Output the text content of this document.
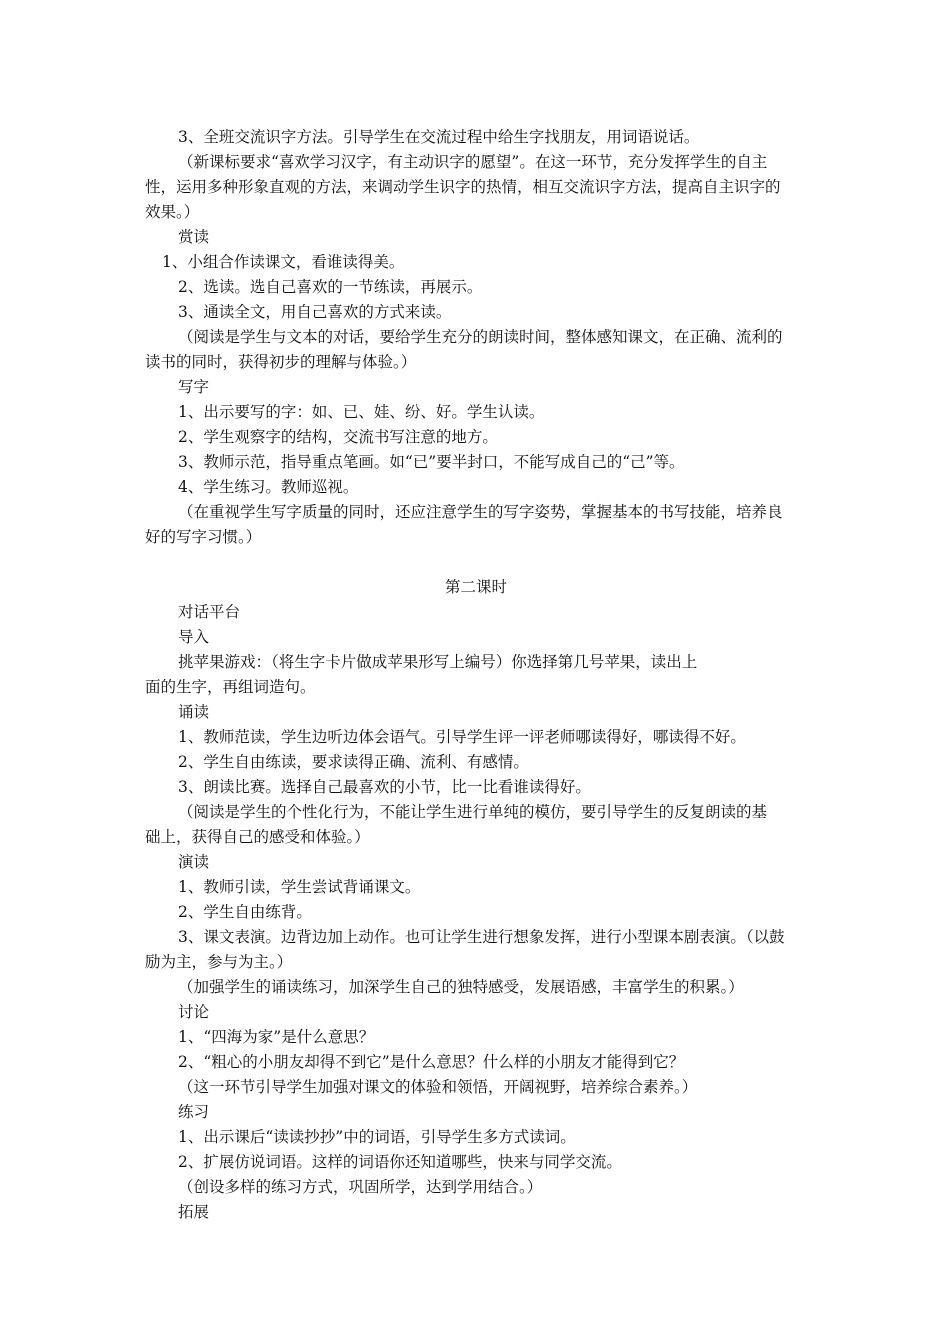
3、全班交流识字方法。引导学生在交流过程中给生字找朋友，用词语说话。
（新课标要求“喜欢学习汉字，有主动识字的愿望”。在这一环节，充分发挥学生的自主
性，运用多种形象直观的方法，来调动学生识字的热情，相互交流识字方法，提高自主识字的
效果。）
赏读
1、小组合作读课文，看谁读得美。
2、选读。选自己喜欢的一节练读，再展示。
3、通读全文，用自己喜欢的方式来读。
（阅读是学生与文本的对话，要给学生充分的朗读时间，整体感知课文，在正确、流利的
读书的同时，获得初步的理解与体验。）
写字
1、出示要写的字：如、已、娃、纷、好。学生认读。
2、学生观察字的结构，交流书写注意的地方。
3、教师示范，指导重点笔画。如“已”要半封口，不能写成自己的“己”等。
4、学生练习。教师巡视。
（在重视学生写字质量的同时，还应注意学生的写字姿势，掌握基本的书写技能，培养良
好的写字习惯。）
第二课时
对话平台
导入
挑苹果游戏：（将生字卡片做成苹果形写上编号）你选择第几号苹果，读出上
面的生字，再组词造句。
诵读
1、教师范读，学生边听边体会语气。引导学生评一评老师哪读得好，哪读得不好。
2、学生自由练读，要求读得正确、流利、有感情。
3、朗读比赛。选择自己最喜欢的小节，比一比看谁读得好。
（阅读是学生的个性化行为，不能让学生进行单纯的模仿，要引导学生的反复朗读的基
础上，获得自己的感受和体验。）
演读
1、教师引读，学生尝试背诵课文。
2、学生自由练背。
3、课文表演。边背边加上动作。也可让学生进行想象发挥，进行小型课本剧表演。（以鼓
励为主，参与为主。）
（加强学生的诵读练习，加深学生自己的独特感受，发展语感，丰富学生的积累。）
讨论
1、“四海为家”是什么意思？
2、“粗心的小朋友却得不到它”是什么意思？什么样的小朋友才能得到它？
（这一环节引导学生加强对课文的体验和领悟，开阔视野，培养综合素养。）
练习
1、出示课后“读读抄抄”中的词语，引导学生多方式读词。
2、扩展仿说词语。这样的词语你还知道哪些，快来与同学交流。
（创设多样的练习方式，巩固所学，达到学用结合。）
拓展
